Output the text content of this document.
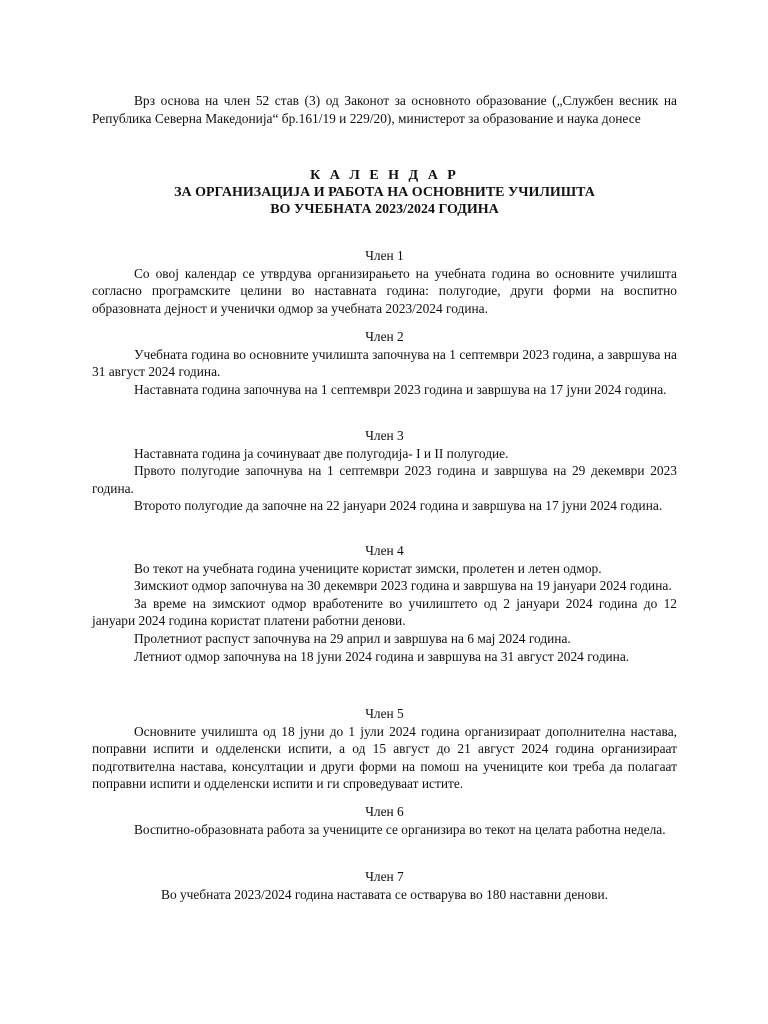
Врз основа на член 52 став (3) од Законот за основното образование („Службен весник на Република Северна Македонија“ бр.161/19 и 229/20), министерот за образование и наука донесе

К А Л Е Н Д А Р
ЗА ОРГАНИЗАЦИЈА И РАБОТА НА ОСНОВНИТЕ УЧИЛИШТА
ВО УЧЕБНАТА 2023/2024 ГОДИНА

Член 1

Со овој календар се утврдува организирањето на учебната година во основните училишта согласно програмските целини во наставната година: полугодие, други форми на воспитно образовната дејност и ученички одмор за учебната 2023/2024 година.

Член 2

Учебната година во основните училишта започнува на 1 септември 2023 година, а завршува на 31 август 2024 година.

Наставната година започнува на 1 септември 2023 година и завршува на 17 јуни 2024 година.

Член 3

Наставната година ја сочинуваат две полугодија- I и II полугодие.

Првото полугодие започнува на 1 септември 2023 година и завршува на 29 декември 2023 година.

Второто полугодие да започне на 22 јануари 2024 година и завршува на 17 јуни 2024 година.

Член 4

Во текот на учебната година учениците користат зимски, пролетен и летен одмор.

Зимскиот одмор започнува на 30 декември 2023 година и завршува на 19 јануари 2024 година.

За време на зимскиот одмор вработените во училиштето од 2 јануари 2024 година до 12 јануари 2024 година користат платени работни денови.

Пролетниот распуст започнува на 29 април и завршува на 6 мај 2024 година.

Летниот одмор започнува на 18 јуни 2024 година и завршува на 31 август 2024 година.

Член 5

Основните училишта од 18 јуни до 1 јули 2024 година организираат дополнителна настава, поправни испити и одделенски испити, а од 15 август до 21 август 2024 година организираат подготвителна настава, консултации и други форми на помош на учениците кои треба да полагаат поправни испити и одделенски испити и ги спроведуваат истите.

Член 6

Воспитно-образовната работа за учениците се организира во текот на целата работна недела.

Член 7

Во учебната 2023/2024 година наставата се остварува во 180 наставни денови.
